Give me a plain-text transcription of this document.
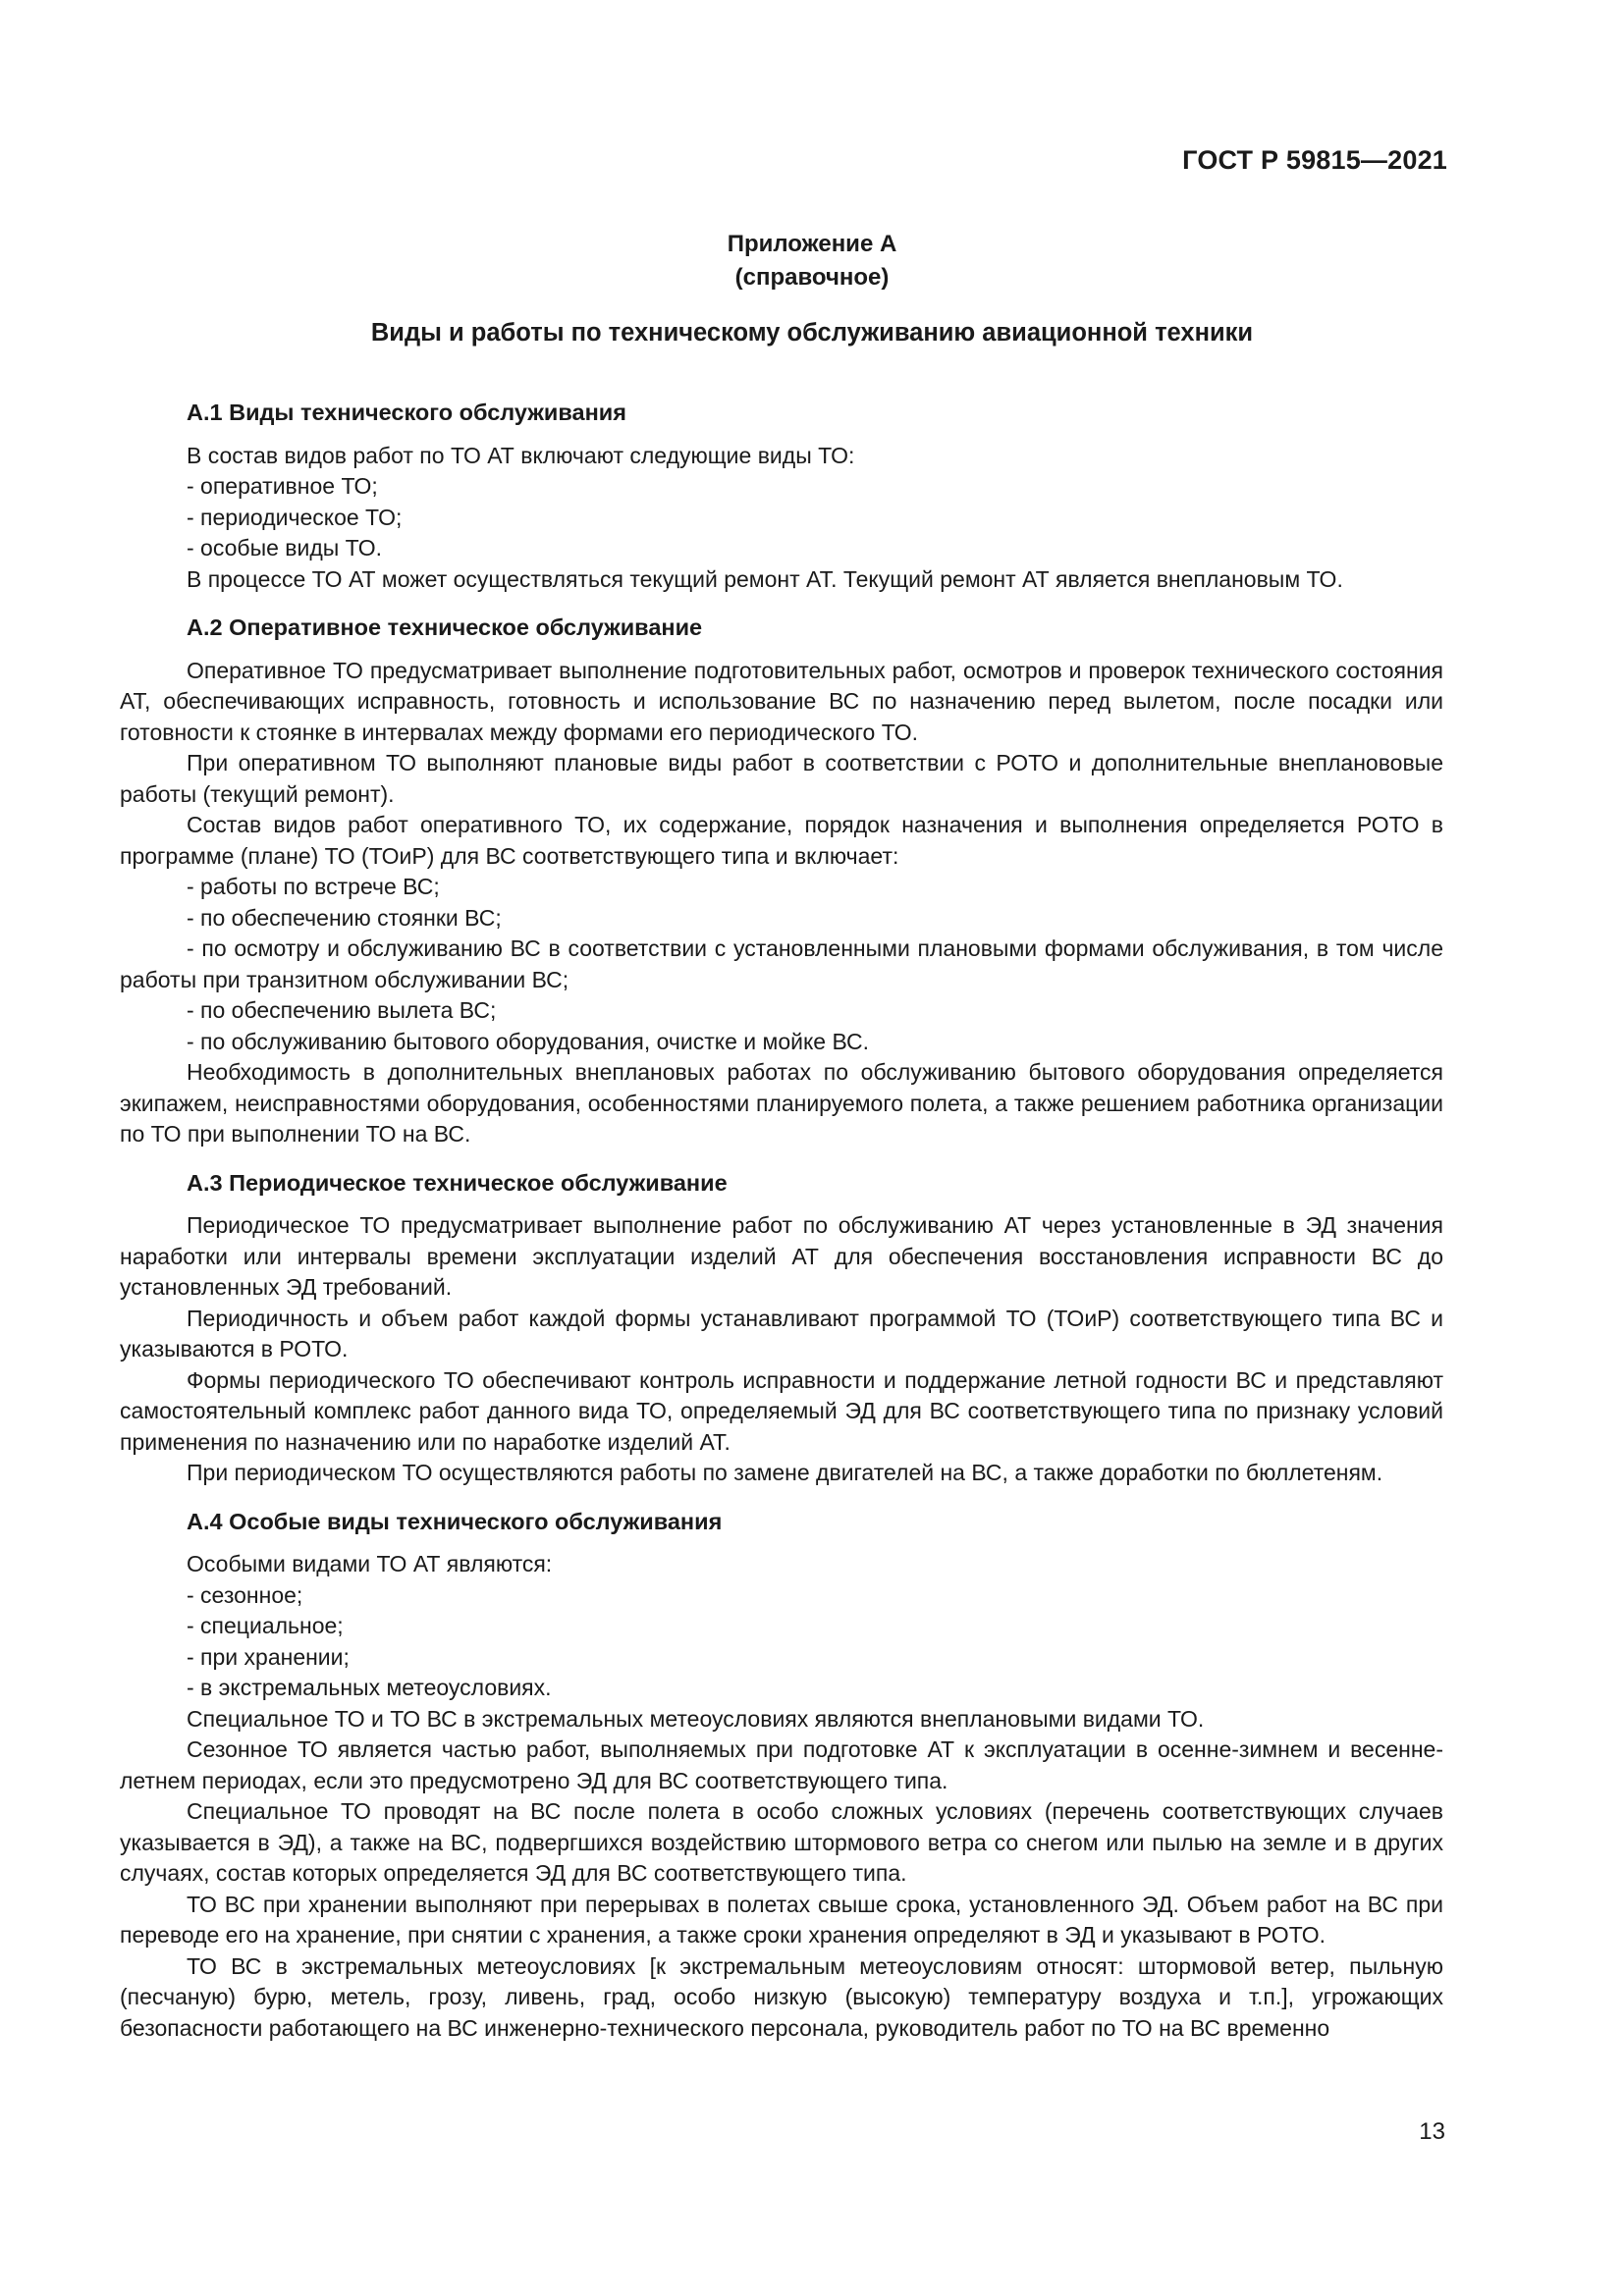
ГОСТ Р 59815—2021
Приложение А
(справочное)
Виды и работы по техническому обслуживанию авиационной техники

А.1 Виды технического обслуживания

В состав видов работ по ТО АТ включают следующие виды ТО:

- оперативное ТО;

- периодическое ТО;

- особые виды ТО.

В процессе ТО АТ может осуществляться текущий ремонт АТ. Текущий ремонт АТ является внеплановым ТО.

А.2 Оперативное техническое обслуживание

Оперативное ТО предусматривает выполнение подготовительных работ, осмотров и проверок технического состояния АТ, обеспечивающих исправность, готовность и использование ВС по назначению перед вылетом, после посадки или готовности к стоянке в интервалах между формами его периодического ТО.

При оперативном ТО выполняют плановые виды работ в соответствии с РОТО и дополнительные внепланововые работы (текущий ремонт).

Состав видов работ оперативного ТО, их содержание, порядок назначения и выполнения определяется РОТО в программе (плане) ТО (ТОиР) для ВС соответствующего типа и включает:

- работы по встрече ВС;

- по обеспечению стоянки ВС;

- по осмотру и обслуживанию ВС в соответствии с установленными плановыми формами обслуживания, в том числе работы при транзитном обслуживании ВС;

- по обеспечению вылета ВС;

- по обслуживанию бытового оборудования, очистке и мойке ВС.

Необходимость в дополнительных внеплановых работах по обслуживанию бытового оборудования определяется экипажем, неисправностями оборудования, особенностями планируемого полета, а также решением работника организации по ТО при выполнении ТО на ВС.

А.3 Периодическое техническое обслуживание

Периодическое ТО предусматривает выполнение работ по обслуживанию АТ через установленные в ЭД значения наработки или интервалы времени эксплуатации изделий АТ для обеспечения восстановления исправности ВС до установленных ЭД требований.

Периодичность и объем работ каждой формы устанавливают программой ТО (ТОиР) соответствующего типа ВС и указываются в РОТО.

Формы периодического ТО обеспечивают контроль исправности и поддержание летной годности ВС и представляют самостоятельный комплекс работ данного вида ТО, определяемый ЭД для ВС соответствующего типа по признаку условий применения по назначению или по наработке изделий АТ.

При периодическом ТО осуществляются работы по замене двигателей на ВС, а также доработки по бюллетеням.

А.4 Особые виды технического обслуживания

Особыми видами ТО АТ являются:

- сезонное;

- специальное;

- при хранении;

- в экстремальных метеоусловиях.

Специальное ТО и ТО ВС в экстремальных метеоусловиях являются внеплановыми видами ТО.

Сезонное ТО является частью работ, выполняемых при подготовке АТ к эксплуатации в осенне-зимнем и весенне-летнем периодах, если это предусмотрено ЭД для ВС соответствующего типа.

Специальное ТО проводят на ВС после полета в особо сложных условиях (перечень соответствующих случаев указывается в ЭД), а также на ВС, подвергшихся воздействию штормового ветра со снегом или пылью на земле и в других случаях, состав которых определяется ЭД для ВС соответствующего типа.

ТО ВС при хранении выполняют при перерывах в полетах свыше срока, установленного ЭД. Объем работ на ВС при переводе его на хранение, при снятии с хранения, а также сроки хранения определяют в ЭД и указывают в РОТО.

ТО ВС в экстремальных метеоусловиях [к экстремальным метеоусловиям относят: штормовой ветер, пыльную (песчаную) бурю, метель, грозу, ливень, град, особо низкую (высокую) температуру воздуха и т.п.], угрожающих безопасности работающего на ВС инженерно-технического персонала, руководитель работ по ТО на ВС временно

13
